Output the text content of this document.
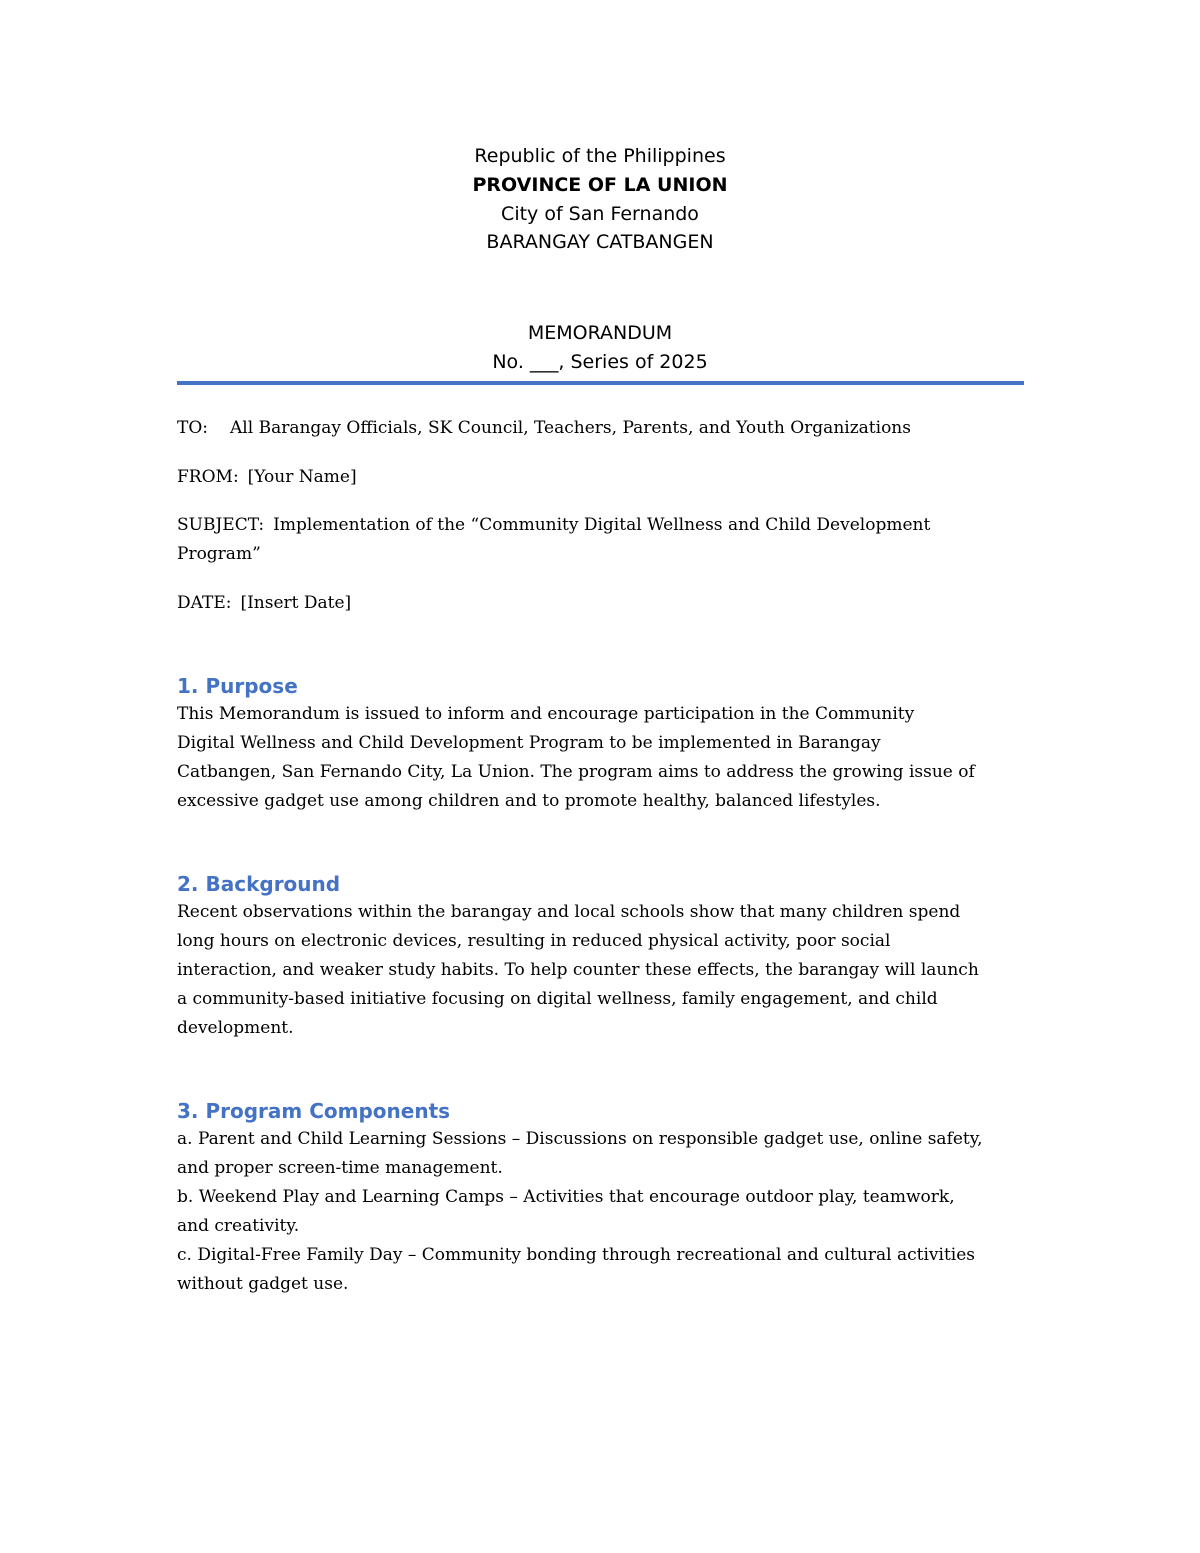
Republic of the Philippines
PROVINCE OF LA UNION
City of San Fernando
BARANGAY CATBANGEN
MEMORANDUM
No. ___, Series of 2025
TO: All Barangay Officials, SK Council, Teachers, Parents, and Youth Organizations
FROM: [Your Name]
SUBJECT: Implementation of the “Community Digital Wellness and Child Development
Program”
DATE: [Insert Date]
1. Purpose
This Memorandum is issued to inform and encourage participation in the Community
Digital Wellness and Child Development Program to be implemented in Barangay
Catbangen, San Fernando City, La Union. The program aims to address the growing issue of
excessive gadget use among children and to promote healthy, balanced lifestyles.
2. Background
Recent observations within the barangay and local schools show that many children spend
long hours on electronic devices, resulting in reduced physical activity, poor social
interaction, and weaker study habits. To help counter these effects, the barangay will launch
a community-based initiative focusing on digital wellness, family engagement, and child
development.
3. Program Components
a. Parent and Child Learning Sessions – Discussions on responsible gadget use, online safety,
and proper screen-time management.
b. Weekend Play and Learning Camps – Activities that encourage outdoor play, teamwork,
and creativity.
c. Digital-Free Family Day – Community bonding through recreational and cultural activities
without gadget use.
